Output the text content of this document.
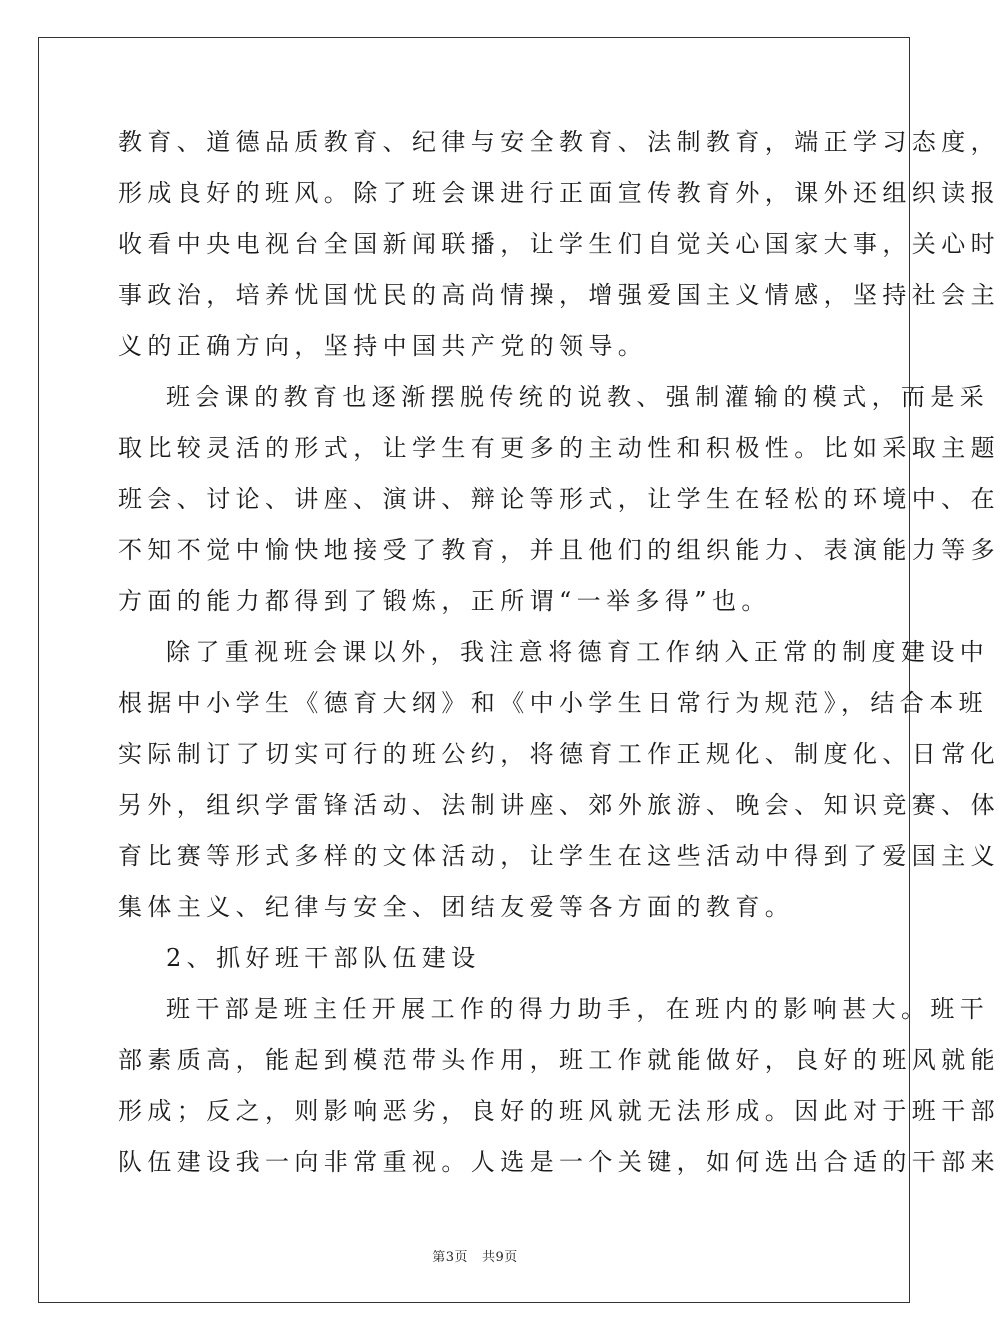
教育、道德品质教育、纪律与安全教育、法制教育，端正学习态度，
形成良好的班风。除了班会课进行正面宣传教育外，课外还组织读报
收看中央电视台全国新闻联播，让学生们自觉关心国家大事，关心时
事政治，培养忧国忧民的高尚情操，增强爱国主义情感，坚持社会主
义的正确方向，坚持中国共产党的领导。
班会课的教育也逐渐摆脱传统的说教、强制灌输的模式，而是采
取比较灵活的形式，让学生有更多的主动性和积极性。比如采取主题
班会、讨论、讲座、演讲、辩论等形式，让学生在轻松的环境中、在
不知不觉中愉快地接受了教育，并且他们的组织能力、表演能力等多
方面的能力都得到了锻炼，正所谓“一举多得”也。
除了重视班会课以外，我注意将德育工作纳入正常的制度建设中
根据中小学生《德育大纲》和《中小学生日常行为规范》，结合本班
实际制订了切实可行的班公约，将德育工作正规化、制度化、日常化
另外，组织学雷锋活动、法制讲座、郊外旅游、晚会、知识竞赛、体
育比赛等形式多样的文体活动，让学生在这些活动中得到了爱国主义
集体主义、纪律与安全、团结友爱等各方面的教育。
2、抓好班干部队伍建设
班干部是班主任开展工作的得力助手，在班内的影响甚大。班干
部素质高，能起到模范带头作用，班工作就能做好，良好的班风就能
形成；反之，则影响恶劣，良好的班风就无法形成。因此对于班干部
队伍建设我一向非常重视。人选是一个关键，如何选出合适的干部来
第3页 共9页
